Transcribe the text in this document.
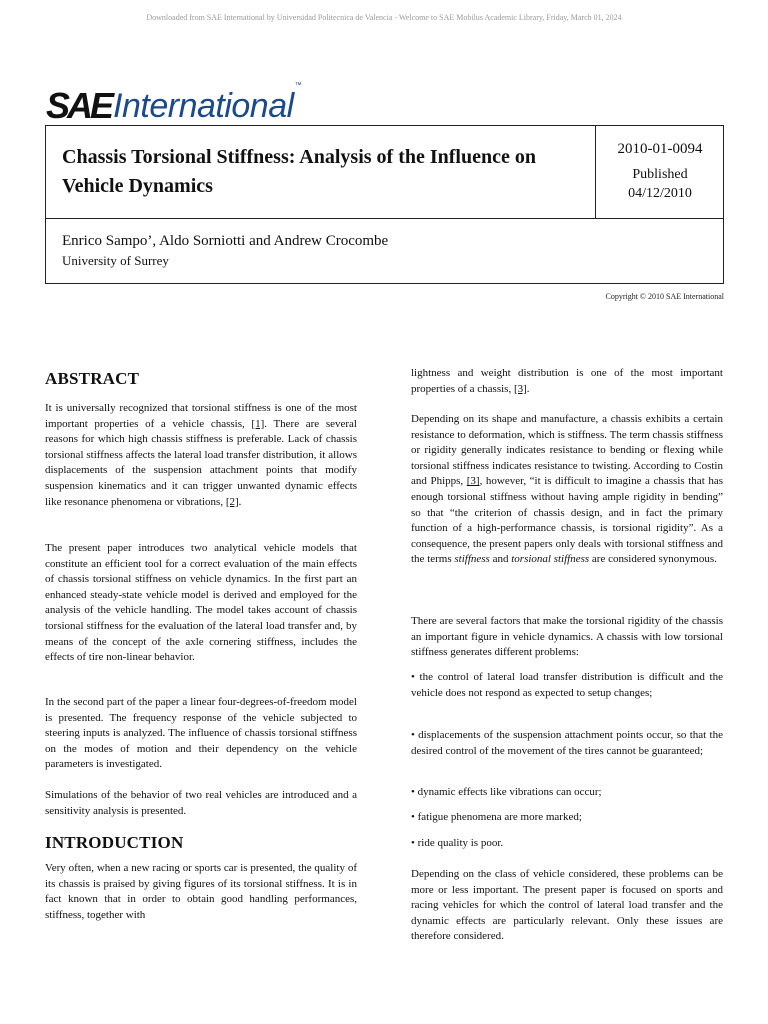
Downloaded from SAE International by Universidad Politecnica de Valencia - Welcome to SAE Mobilus Academic Library, Friday, March 01, 2024
SAE International
™
Chassis Torsional Stiffness: Analysis of the Influence on Vehicle Dynamics
2010-01-0094
Published
04/12/2010
Enrico Sampo’, Aldo Sorniotti and Andrew Crocombe
University of Surrey
Copyright © 2010 SAE International
ABSTRACT

It is universally recognized that torsional stiffness is one of the most important properties of a vehicle chassis, [1]. There are several reasons for which high chassis stiffness is preferable. Lack of chassis torsional stiffness affects the lateral load transfer distribution, it allows displacements of the suspension attachment points that modify suspension kinematics and it can trigger unwanted dynamic effects like resonance phenomena or vibrations, [2].

The present paper introduces two analytical vehicle models that constitute an efficient tool for a correct evaluation of the main effects of chassis torsional stiffness on vehicle dynamics. In the first part an enhanced steady-state vehicle model is derived and employed for the analysis of the vehicle handling. The model takes account of chassis torsional stiffness for the evaluation of the lateral load transfer and, by means of the concept of the axle cornering stiffness, includes the effects of tire non-linear behavior.

In the second part of the paper a linear four-degrees-of-freedom model is presented. The frequency response of the vehicle subjected to steering inputs is analyzed. The influence of chassis torsional stiffness on the modes of motion and their dependency on the vehicle parameters is investigated.

Simulations of the behavior of two real vehicles are introduced and a sensitivity analysis is presented.

INTRODUCTION

Very often, when a new racing or sports car is presented, the quality of its chassis is praised by giving figures of its torsional stiffness. It is in fact known that in order to obtain good handling performances, stiffness, together with

lightness and weight distribution is one of the most important properties of a chassis, [3].

Depending on its shape and manufacture, a chassis exhibits a certain resistance to deformation, which is stiffness. The term chassis stiffness or rigidity generally indicates resistance to bending or flexing while torsional stiffness indicates resistance to twisting. According to Costin and Phipps, [3], however, “it is difficult to imagine a chassis that has enough torsional stiffness without having ample rigidity in bending” so that “the criterion of chassis design, and in fact the primary function of a high-performance chassis, is torsional rigidity”. As a consequence, the present papers only deals with torsional stiffness and the terms stiffness and torsional stiffness are considered synonymous.

There are several factors that make the torsional rigidity of the chassis an important figure in vehicle dynamics. A chassis with low torsional stiffness generates different problems:

• the control of lateral load transfer distribution is difficult and the vehicle does not respond as expected to setup changes;

• displacements of the suspension attachment points occur, so that the desired control of the movement of the tires cannot be guaranteed;

• dynamic effects like vibrations can occur;

• fatigue phenomena are more marked;

• ride quality is poor.

Depending on the class of vehicle considered, these problems can be more or less important. The present paper is focused on sports and racing vehicles for which the control of lateral load transfer and the dynamic effects are particularly relevant. Only these issues are therefore considered.
